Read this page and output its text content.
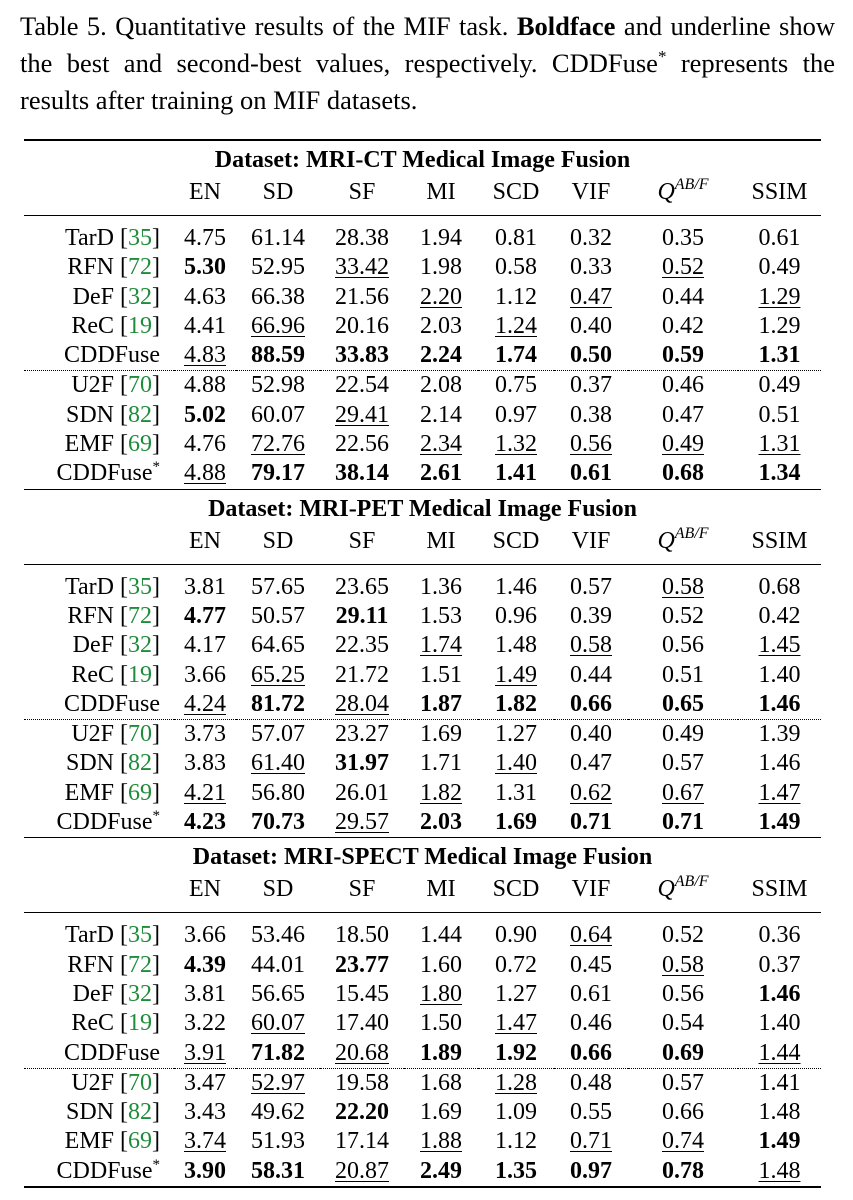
Table 5. Quantitative results of the MIF task. Boldface and underline show the best and second-best values, respectively. CDDFuse* represents the results after training on MIF datasets.
Dataset: MRI-CT Medical Image Fusion								
	EN	SD	SF	MI	SCD	VIF	$Q^{AB/F}$	SSIM
TarD [35]	4.75	61.14	28.38	1.94	0.81	0.32	0.35	0.61
RFN [72]	5.30	52.95	33.42	1.98	0.58	0.33	0.52	0.49
DeF [32]	4.63	66.38	21.56	2.20	1.12	0.47	0.44	1.29
ReC [19]	4.41	66.96	20.16	2.03	1.24	0.40	0.42	1.29
CDDFuse	4.83	88.59	33.83	2.24	1.74	0.50	0.59	1.31
U2F [70]	4.88	52.98	22.54	2.08	0.75	0.37	0.46	0.49
SDN [82]	5.02	60.07	29.41	2.14	0.97	0.38	0.47	0.51
EMF [69]	4.76	72.76	22.56	2.34	1.32	0.56	0.49	1.31
CDDFuse*	4.88	79.17	38.14	2.61	1.41	0.61	0.68	1.34
Dataset: MRI-PET Medical Image Fusion								
	EN	SD	SF	MI	SCD	VIF	$Q^{AB/F}$	SSIM
TarD [35]	3.81	57.65	23.65	1.36	1.46	0.57	0.58	0.68
RFN [72]	4.77	50.57	29.11	1.53	0.96	0.39	0.52	0.42
DeF [32]	4.17	64.65	22.35	1.74	1.48	0.58	0.56	1.45
ReC [19]	3.66	65.25	21.72	1.51	1.49	0.44	0.51	1.40
CDDFuse	4.24	81.72	28.04	1.87	1.82	0.66	0.65	1.46
U2F [70]	3.73	57.07	23.27	1.69	1.27	0.40	0.49	1.39
SDN [82]	3.83	61.40	31.97	1.71	1.40	0.47	0.57	1.46
EMF [69]	4.21	56.80	26.01	1.82	1.31	0.62	0.67	1.47
CDDFuse*	4.23	70.73	29.57	2.03	1.69	0.71	0.71	1.49
Dataset: MRI-SPECT Medical Image Fusion								
	EN	SD	SF	MI	SCD	VIF	$Q^{AB/F}$	SSIM
TarD [35]	3.66	53.46	18.50	1.44	0.90	0.64	0.52	0.36
RFN [72]	4.39	44.01	23.77	1.60	0.72	0.45	0.58	0.37
DeF [32]	3.81	56.65	15.45	1.80	1.27	0.61	0.56	1.46
ReC [19]	3.22	60.07	17.40	1.50	1.47	0.46	0.54	1.40
CDDFuse	3.91	71.82	20.68	1.89	1.92	0.66	0.69	1.44
U2F [70]	3.47	52.97	19.58	1.68	1.28	0.48	0.57	1.41
SDN [82]	3.43	49.62	22.20	1.69	1.09	0.55	0.66	1.48
EMF [69]	3.74	51.93	17.14	1.88	1.12	0.71	0.74	1.49
CDDFuse*	3.90	58.31	20.87	2.49	1.35	0.97	0.78	1.48
